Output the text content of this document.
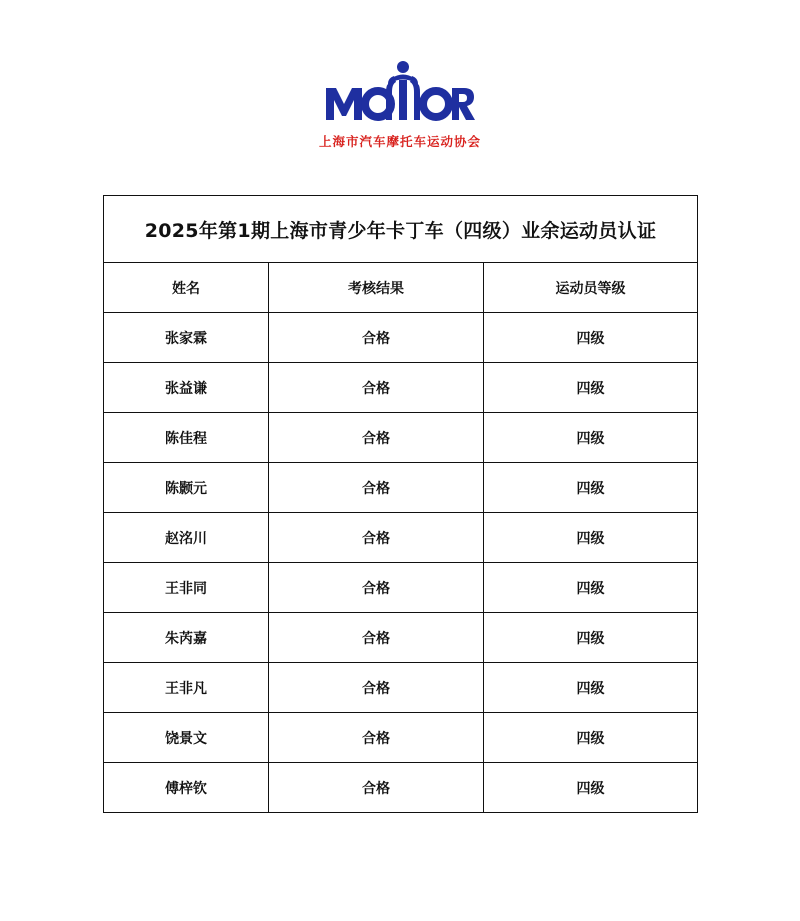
上海市汽车摩托车运动协会
2025年第1期上海市青少年卡丁车（四级）业余运动员认证		
姓名	考核结果	运动员等级
张家霖	合格	四级
张益谦	合格	四级
陈佳程	合格	四级
陈颢元	合格	四级
赵洺川	合格	四级
王非同	合格	四级
朱芮嘉	合格	四级
王非凡	合格	四级
饶景文	合格	四级
傅梓钦	合格	四级
